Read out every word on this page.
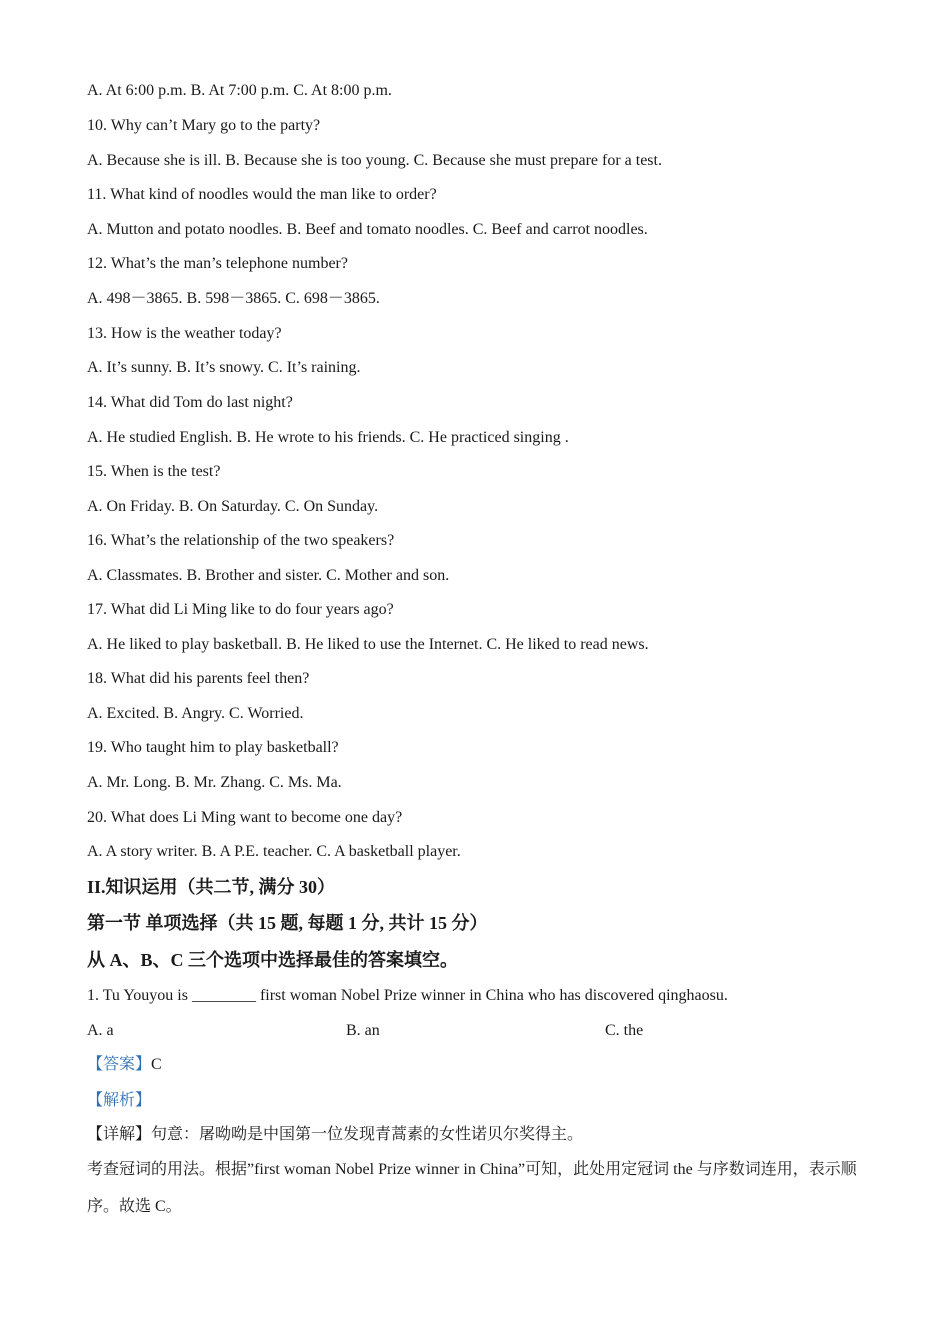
A. At 6:00 p.m. B. At 7:00 p.m. C. At 8:00 p.m.
10. Why can’t Mary go to the party?
A. Because she is ill. B. Because she is too young. C. Because she must prepare for a test.
11. What kind of noodles would the man like to order?
A. Mutton and potato noodles. B. Beef and tomato noodles. C. Beef and carrot noodles.
12. What’s the man’s telephone number?
A. 498－3865. B. 598－3865. C. 698－3865.
13. How is the weather today?
A. It’s sunny. B. It’s snowy. C. It’s raining.
14. What did Tom do last night?
A. He studied English. B. He wrote to his friends. C. He practiced singing .
15. When is the test?
A. On Friday. B. On Saturday. C. On Sunday.
16. What’s the relationship of the two speakers?
A. Classmates. B. Brother and sister. C. Mother and son.
17. What did Li Ming like to do four years ago?
A. He liked to play basketball. B. He liked to use the Internet. C. He liked to read news.
18. What did his parents feel then?
A. Excited. B. Angry. C. Worried.
19. Who taught him to play basketball?
A. Mr. Long. B. Mr. Zhang. C. Ms. Ma.
20. What does Li Ming want to become one day?
A. A story writer. B. A P.E. teacher. C. A basketball player.
II.知识运用（共二节, 满分 30）
第一节 单项选择（共 15 题, 每题 1 分, 共计 15 分）
从 A、B、C 三个选项中选择最佳的答案填空。
1. Tu Youyou is ________ first woman Nobel Prize winner in China who has discovered qinghaosu.
A. a	B. an	C. the
【答案】C
【解析】
【详解】句意：屠呦呦是中国第一位发现青蒿素的女性诺贝尔奖得主。
考查冠词的用法。根据”first woman Nobel Prize winner in China”可知，此处用定冠词 the 与序数词连用，表示顺序。故选 C。
